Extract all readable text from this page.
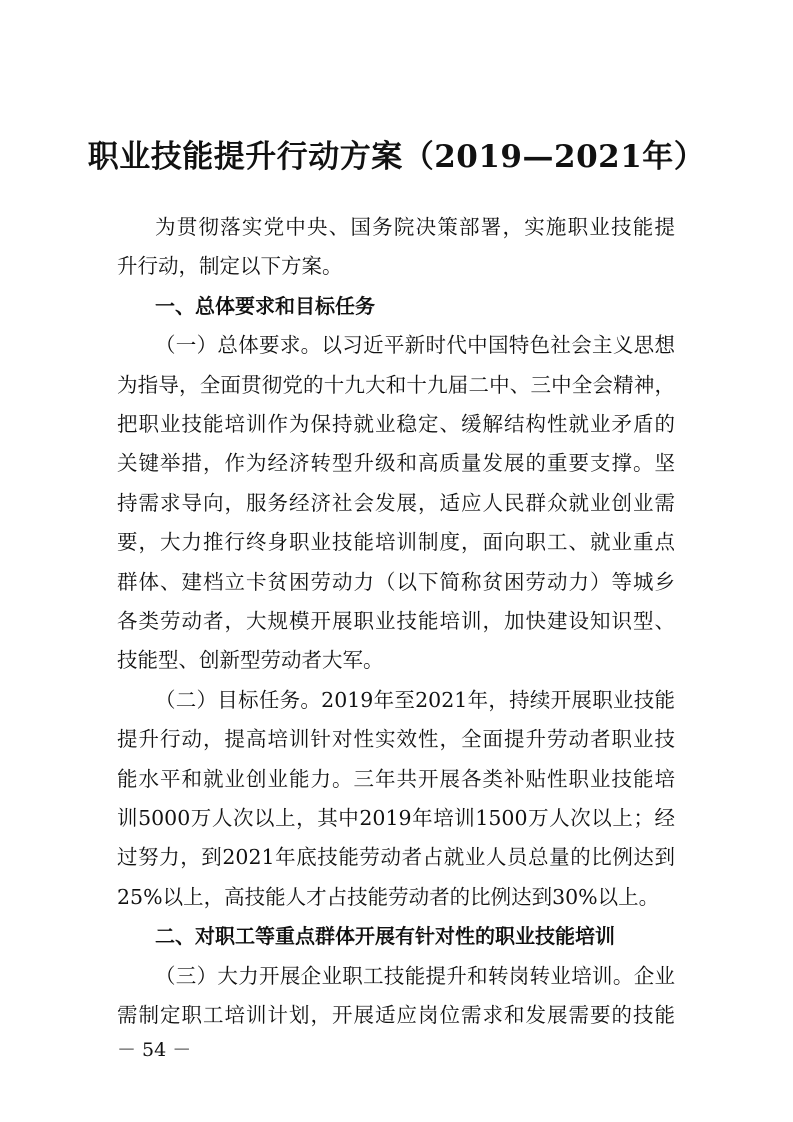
职业技能提升行动方案（2019—2021年）

为贯彻落实党中央、国务院决策部署，实施职业技能提

升行动，制定以下方案。

一、总体要求和目标任务

（一）总体要求。以习近平新时代中国特色社会主义思想

为指导，全面贯彻党的十九大和十九届二中、三中全会精神，

把职业技能培训作为保持就业稳定、缓解结构性就业矛盾的

关键举措，作为经济转型升级和高质量发展的重要支撑。坚

持需求导向，服务经济社会发展，适应人民群众就业创业需

要，大力推行终身职业技能培训制度，面向职工、就业重点

群体、建档立卡贫困劳动力（以下简称贫困劳动力）等城乡

各类劳动者，大规模开展职业技能培训，加快建设知识型、

技能型、创新型劳动者大军。

（二）目标任务。2019年至2021年，持续开展职业技能

提升行动，提高培训针对性实效性，全面提升劳动者职业技

能水平和就业创业能力。三年共开展各类补贴性职业技能培

训5000万人次以上，其中2019年培训1500万人次以上；经

过努力，到2021年底技能劳动者占就业人员总量的比例达到

25%以上，高技能人才占技能劳动者的比例达到30%以上。

二、对职工等重点群体开展有针对性的职业技能培训

（三）大力开展企业职工技能提升和转岗转业培训。企业

需制定职工培训计划，开展适应岗位需求和发展需要的技能

－ 54 －
